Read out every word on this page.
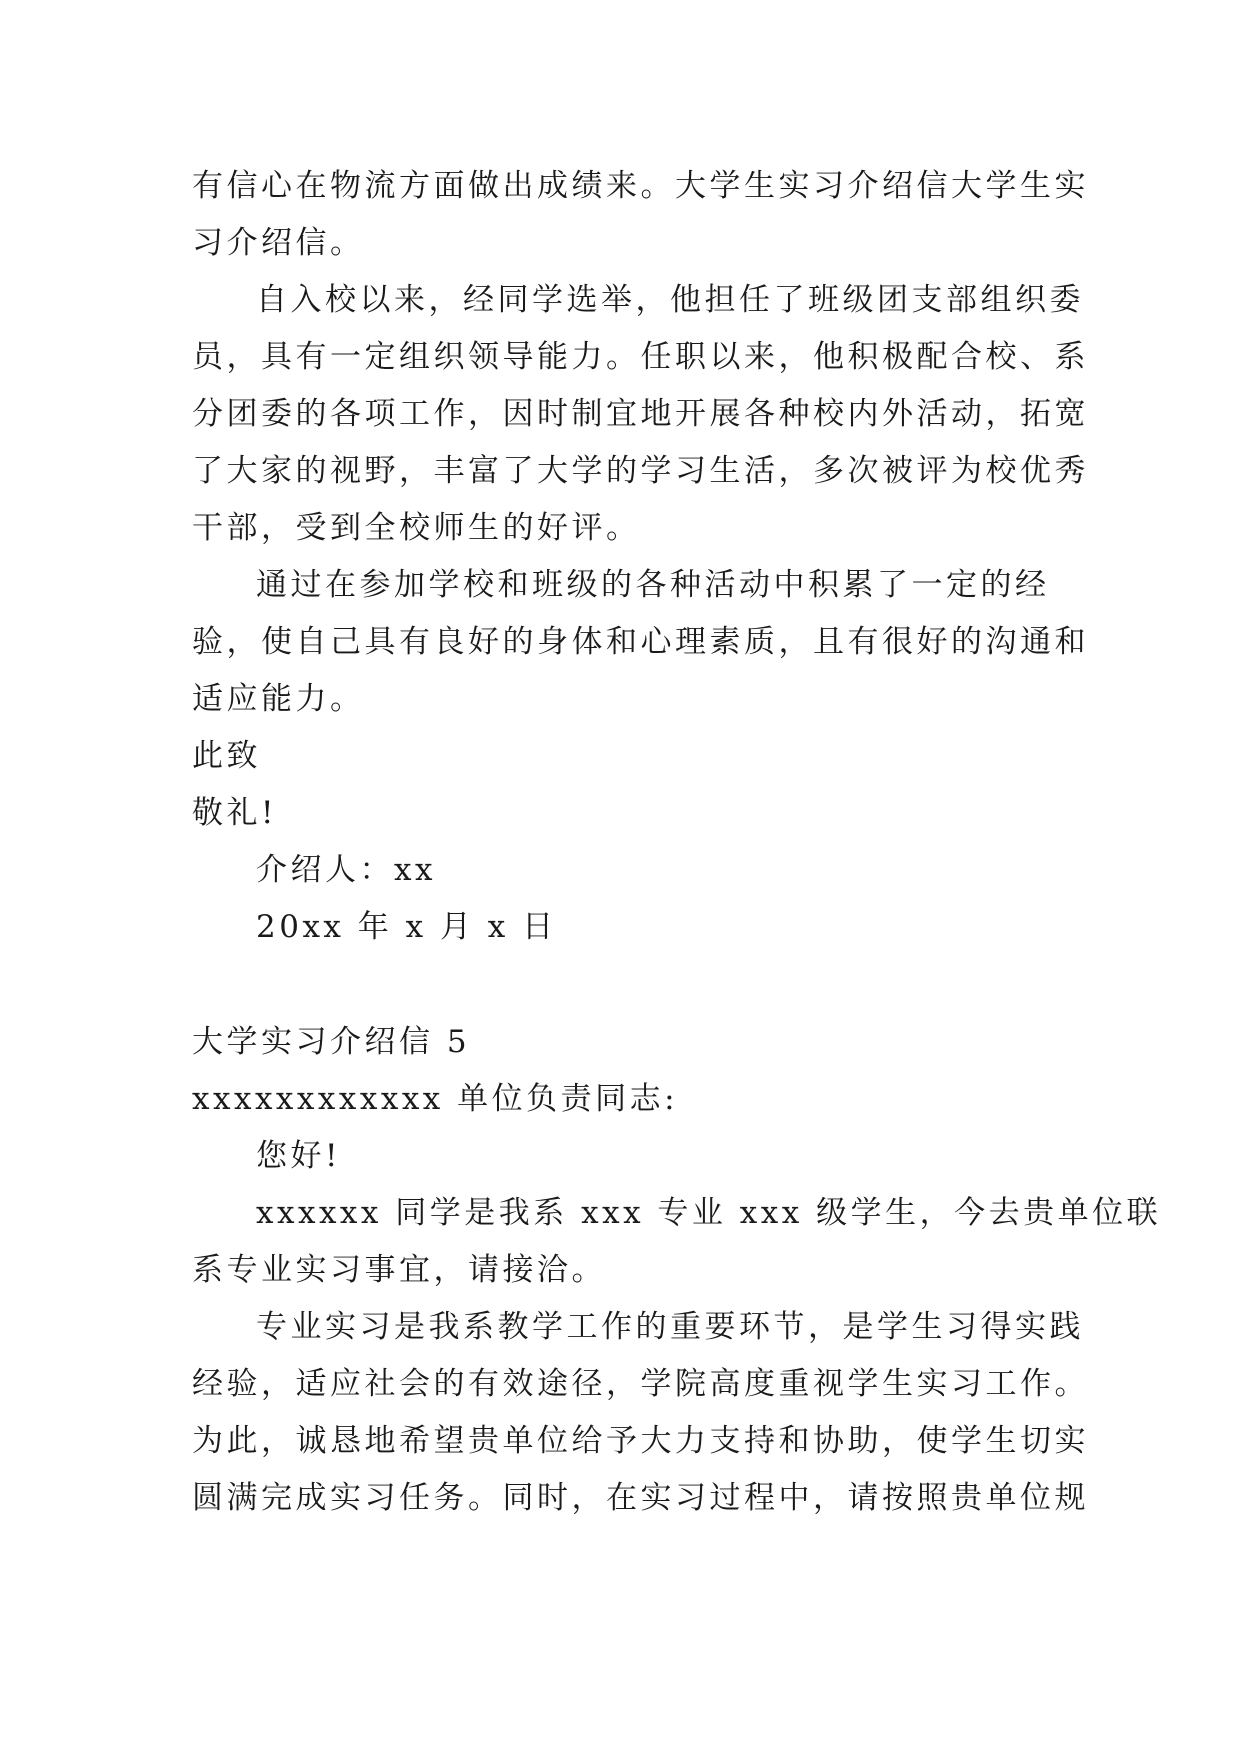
有信心在物流方面做出成绩来。大学生实习介绍信大学生实
习介绍信。
自入校以来，经同学选举，他担任了班级团支部组织委
员，具有一定组织领导能力。任职以来，他积极配合校、系
分团委的各项工作，因时制宜地开展各种校内外活动，拓宽
了大家的视野，丰富了大学的学习生活，多次被评为校优秀
干部，受到全校师生的好评。
通过在参加学校和班级的各种活动中积累了一定的经
验，使自己具有良好的身体和心理素质，且有很好的沟通和
适应能力。
此致
敬礼!
介绍人：xx
20xx 年 x 月 x 日
大学实习介绍信 5
xxxxxxxxxxxx 单位负责同志:
您好!
xxxxxx 同学是我系 xxx 专业 xxx 级学生，今去贵单位联
系专业实习事宜，请接洽。
专业实习是我系教学工作的重要环节，是学生习得实践
经验，适应社会的有效途径，学院高度重视学生实习工作。
为此，诚恳地希望贵单位给予大力支持和协助，使学生切实
圆满完成实习任务。同时，在实习过程中，请按照贵单位规
